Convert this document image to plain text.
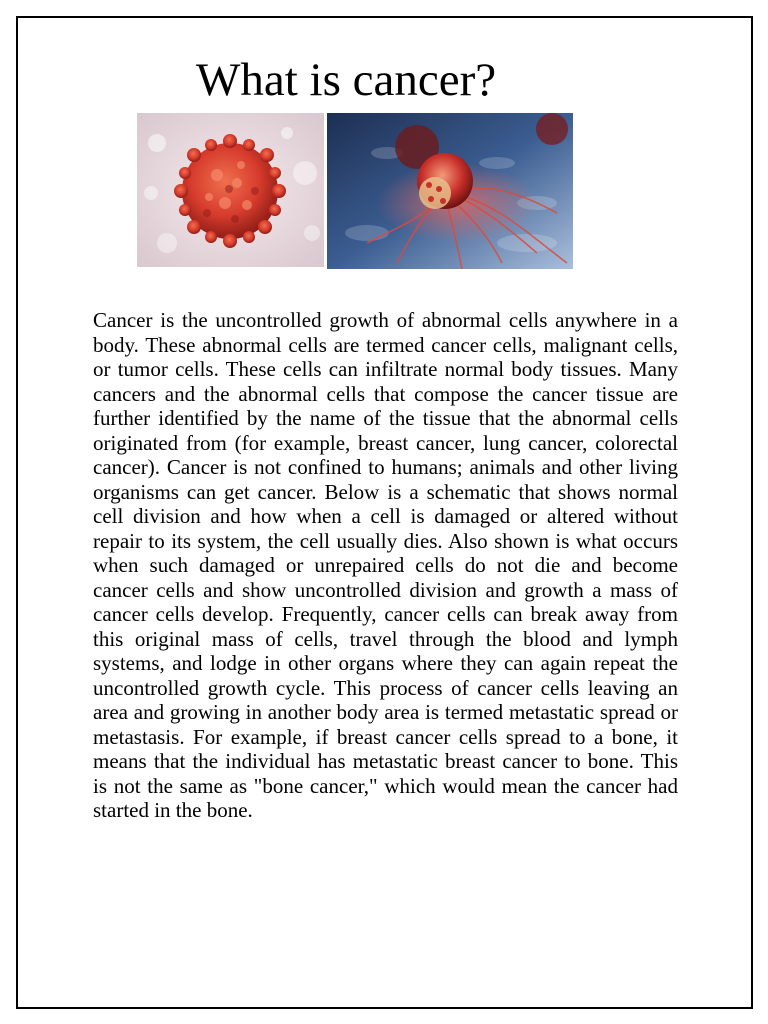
What is cancer?

Cancer is the uncontrolled growth of abnormal cells anywhere in a body. These abnormal cells are termed cancer cells, malignant cells, or tumor cells. These cells can infiltrate normal body tissues. Many cancers and the abnormal cells that compose the cancer tissue are further identified by the name of the tissue that the abnormal cells originated from (for example, breast cancer, lung cancer, colorectal cancer). Cancer is not confined to humans; animals and other living organisms can get cancer. Below is a schematic that shows normal cell division and how when a cell is damaged or altered without repair to its system, the cell usually dies. Also shown is what occurs when such damaged or unrepaired cells do not die and become cancer cells and show uncontrolled division and growth a mass of cancer cells develop. Frequently, cancer cells can break away from this original mass of cells, travel through the blood and lymph systems, and lodge in other organs where they can again repeat the uncontrolled growth cycle. This process of cancer cells leaving an area and growing in another body area is termed metastatic spread or metastasis. For example, if breast cancer cells spread to a bone, it means that the individual has metastatic breast cancer to bone. This is not the same as "bone cancer," which would mean the cancer had started in the bone.
